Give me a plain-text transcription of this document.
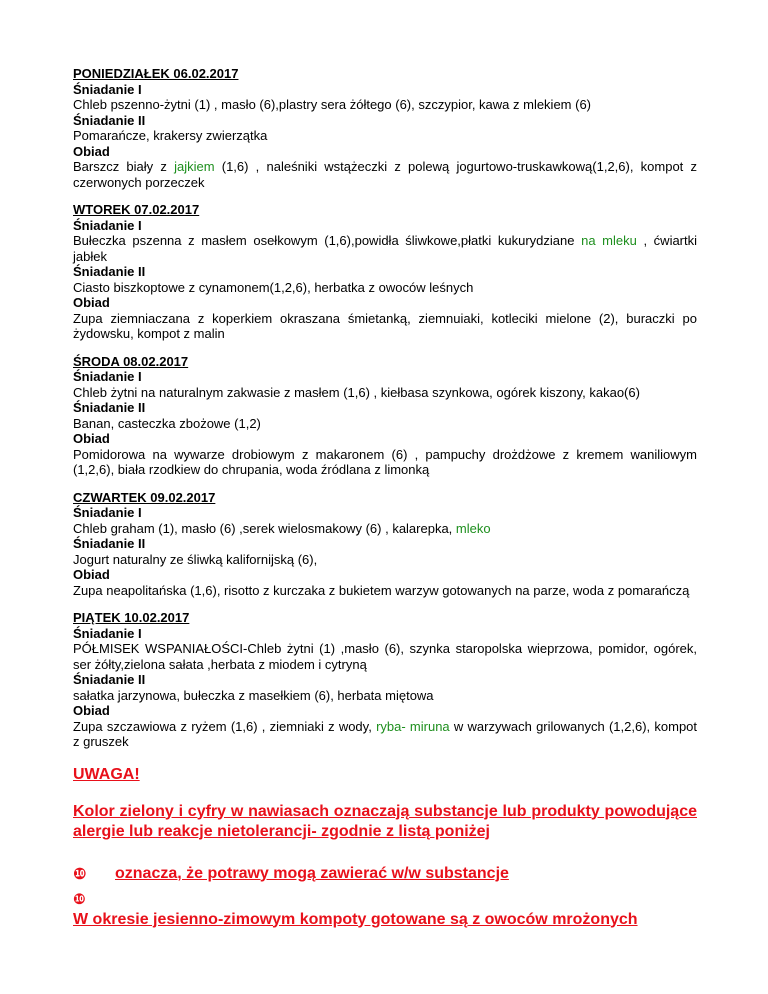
PONIEDZIAŁEK 06.02.2017
Śniadanie I
Chleb pszenno-żytni (1) , masło (6),plastry sera żółtego (6), szczypior, kawa z mlekiem (6)
Śniadanie II
Pomarańcze, krakersy zwierzątka
Obiad
Barszcz biały z jajkiem (1,6) , naleśniki wstążeczki z polewą jogurtowo-truskawkową(1,2,6), kompot z czerwonych porzeczek
WTOREK 07.02.2017
Śniadanie I
Bułeczka pszenna z masłem osełkowym (1,6),powidła śliwkowe,płatki kukurydziane na mleku , ćwiartki jabłek
Śniadanie II
Ciasto biszkoptowe z cynamonem(1,2,6), herbatka z owoców leśnych
Obiad
Zupa ziemniaczana z koperkiem okraszana śmietanką, ziemnuiaki, kotleciki mielone (2), buraczki po żydowsku, kompot z malin
ŚRODA 08.02.2017
Śniadanie I
Chleb żytni na naturalnym zakwasie z masłem (1,6) , kiełbasa szynkowa, ogórek kiszony, kakao(6)
Śniadanie II
Banan, casteczka zbożowe (1,2)
Obiad
Pomidorowa na wywarze drobiowym z makaronem (6) , pampuchy drożdżowe z kremem waniliowym (1,2,6), biała rzodkiew do chrupania, woda źródlana z limonką
CZWARTEK 09.02.2017
Śniadanie I
Chleb graham (1), masło (6) ,serek wielosmakowy (6) , kalarepka, mleko
Śniadanie II
Jogurt naturalny ze śliwką kalifornijską (6),
Obiad
Zupa neapolitańska (1,6), risotto z kurczaka z bukietem warzyw gotowanych na parze, woda z pomarańczą
PIĄTEK 10.02.2017
Śniadanie I
PÓŁMISEK WSPANIAŁOŚCI-Chleb żytni (1) ,masło (6), szynka staropolska wieprzowa, pomidor, ogórek, ser żółty,zielona sałata ,herbata z miodem i cytryną
Śniadanie II
sałatka jarzynowa, bułeczka z masełkiem (6), herbata miętowa
Obiad
Zupa szczawiowa z ryżem (1,6) , ziemniaki z wody, ryba- miruna w warzywach grilowanych (1,2,6), kompot z gruszek
UWAGA!
Kolor zielony i cyfry w nawiasach oznaczają substancje lub produkty powodujące alergie lub reakcje nietolerancji- zgodnie z listą poniżej
❿	oznacza, że potrawy mogą zawierać w/w substancje
❿
W okresie jesienno-zimowym kompoty gotowane są z owoców mrożonych
